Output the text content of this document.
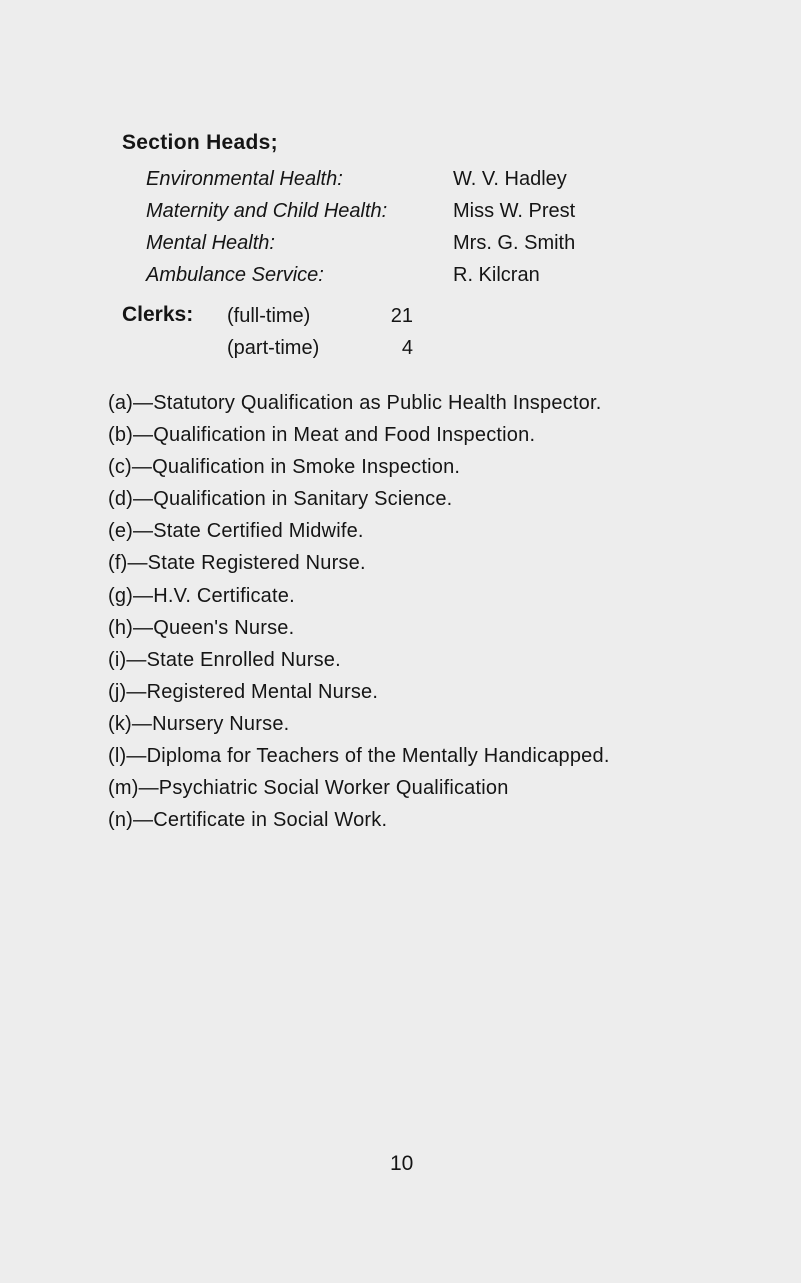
Section Heads;
Environmental Health:	W. V. Hadley
Maternity and Child Health:	Miss W. Prest
Mental Health:	Mrs. G. Smith
Ambulance Service:	R. Kilcran
Clerks: (full-time)	21
(part-time)	4
(a)—Statutory Qualification as Public Health Inspector.
(b)—Qualification in Meat and Food Inspection.
(c)—Qualification in Smoke Inspection.
(d)—Qualification in Sanitary Science.
(e)—State Certified Midwife.
(f)—State Registered Nurse.
(g)—H.V. Certificate.
(h)—Queen's Nurse.
(i)—State Enrolled Nurse.
(j)—Registered Mental Nurse.
(k)—Nursery Nurse.
(l)—Diploma for Teachers of the Mentally Handicapped.
(m)—Psychiatric Social Worker Qualification
(n)—Certificate in Social Work.
10
